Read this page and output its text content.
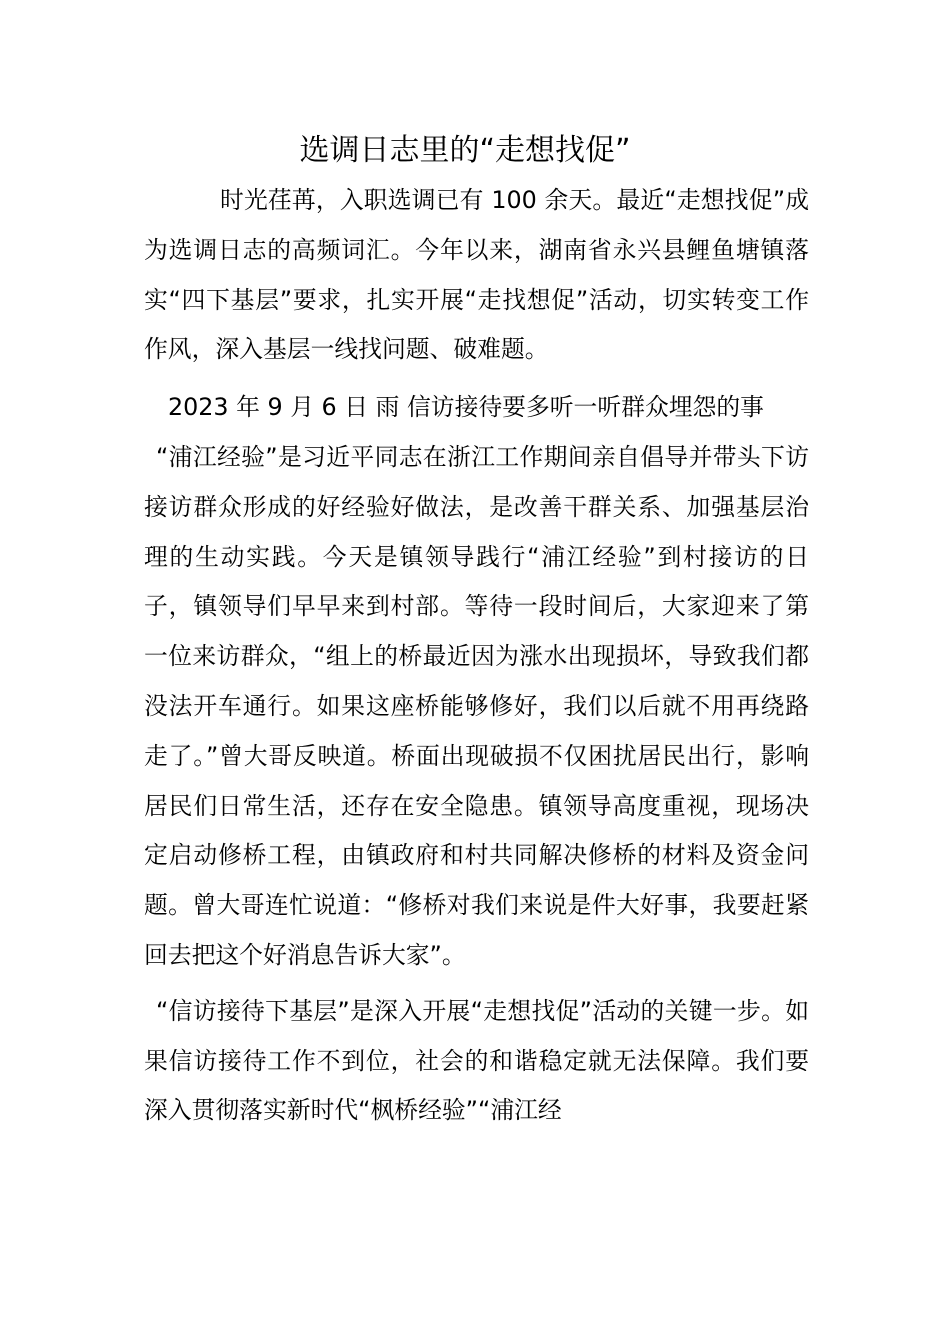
选调日志里的“走想找促”

时光荏苒，入职选调已有 100 余天。最近“走想找促”成为选调日志的高频词汇。今年以来，湖南省永兴县鲤鱼塘镇落实“四下基层”要求，扎实开展“走找想促”活动，切实转变工作作风，深入基层一线找问题、破难题。

2023 年 9 月 6 日 雨 信访接待要多听一听群众埋怨的事

“浦江经验”是习近平同志在浙江工作期间亲自倡导并带头下访接访群众形成的好经验好做法，是改善干群关系、加强基层治理的生动实践。今天是镇领导践行“浦江经验”到村接访的日子，镇领导们早早来到村部。等待一段时间后，大家迎来了第一位来访群众，“组上的桥最近因为涨水出现损坏，导致我们都没法开车通行。如果这座桥能够修好，我们以后就不用再绕路走了。”曾大哥反映道。桥面出现破损不仅困扰居民出行，影响居民们日常生活，还存在安全隐患。镇领导高度重视，现场决定启动修桥工程，由镇政府和村共同解决修桥的材料及资金问题。曾大哥连忙说道：“修桥对我们来说是件大好事，我要赶紧回去把这个好消息告诉大家”。

“信访接待下基层”是深入开展“走想找促”活动的关键一步。如果信访接待工作不到位，社会的和谐稳定就无法保障。我们要深入贯彻落实新时代“枫桥经验”“浦江经
